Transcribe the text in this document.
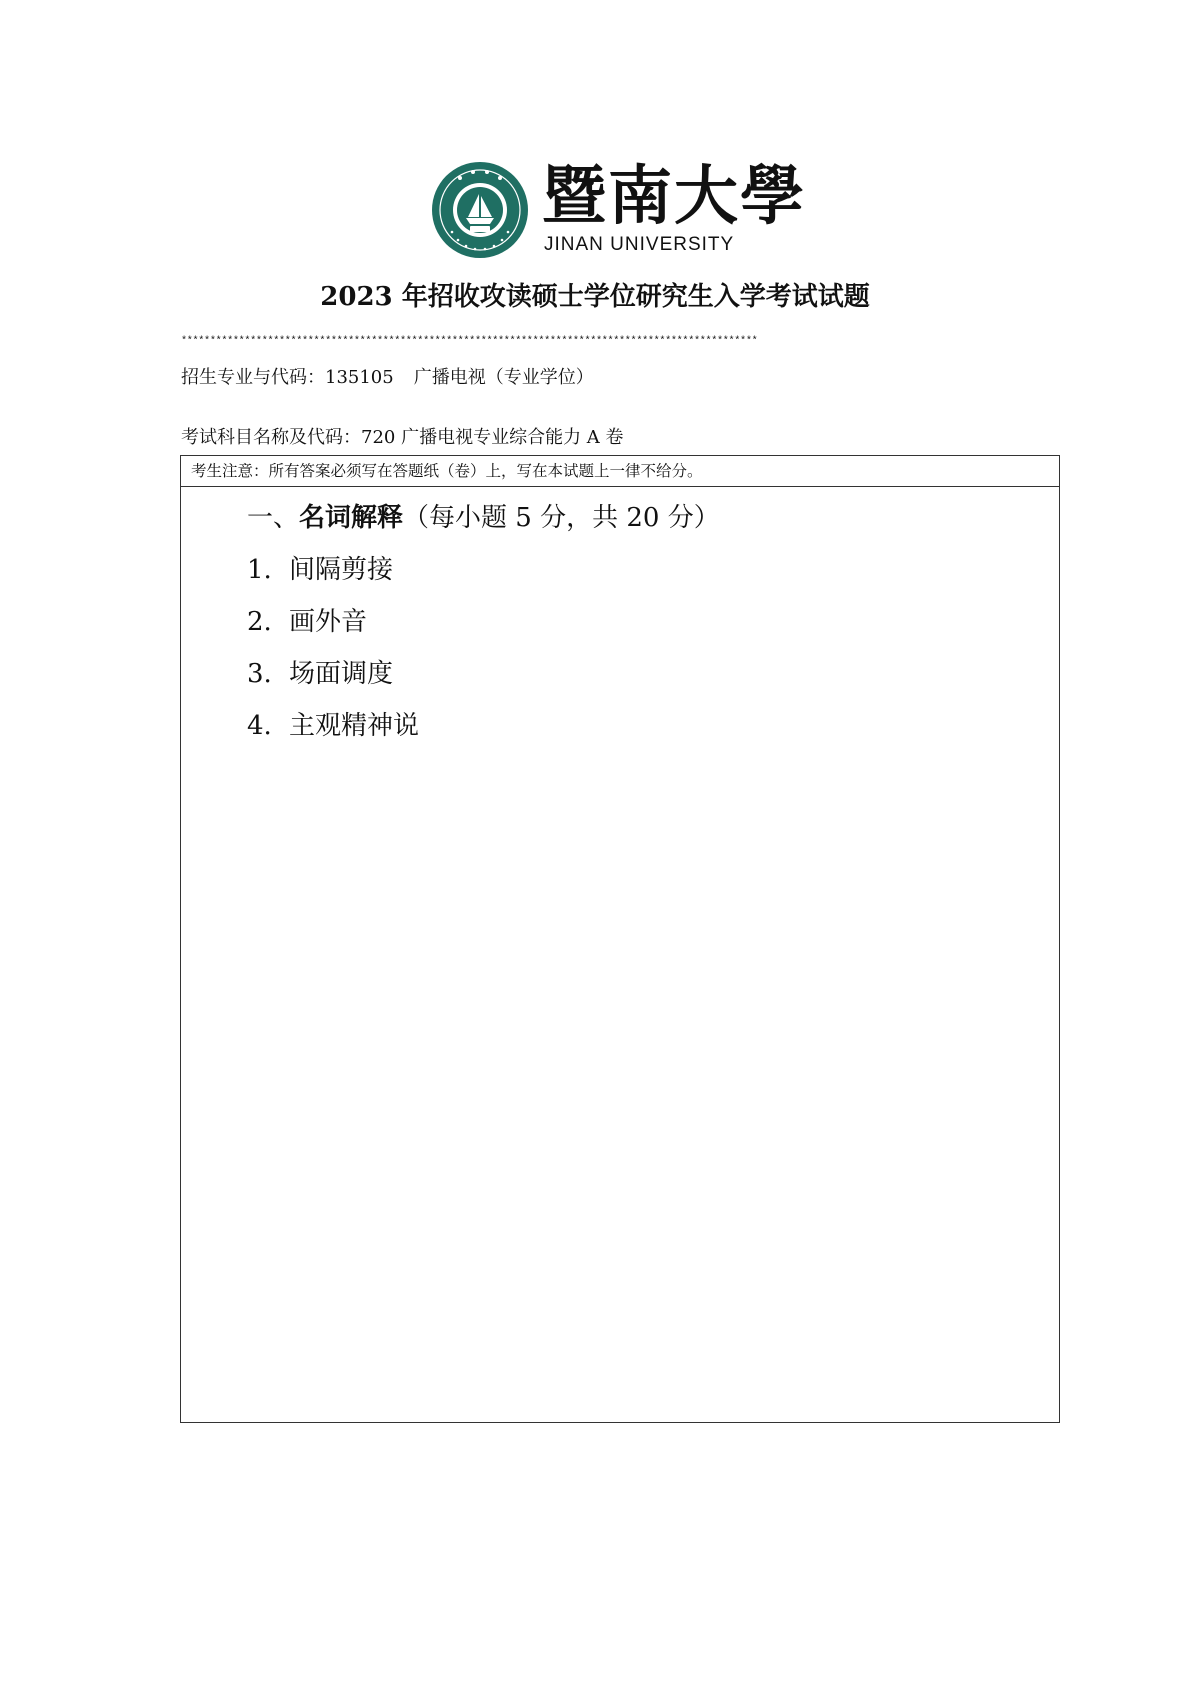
暨南大學
JINAN UNIVERSITY
2023 年招收攻读硕士学位研究生入学考试试题
****************************************************************************************************
招生专业与代码：135105 广播电视（专业学位）
考试科目名称及代码：720 广播电视专业综合能力 A 卷
考生注意：所有答案必须写在答题纸（卷）上，写在本试题上一律不给分。
一、名词解释（每小题 5 分，共 20 分）
1. 间隔剪接
2. 画外音
3. 场面调度
4. 主观精神说
